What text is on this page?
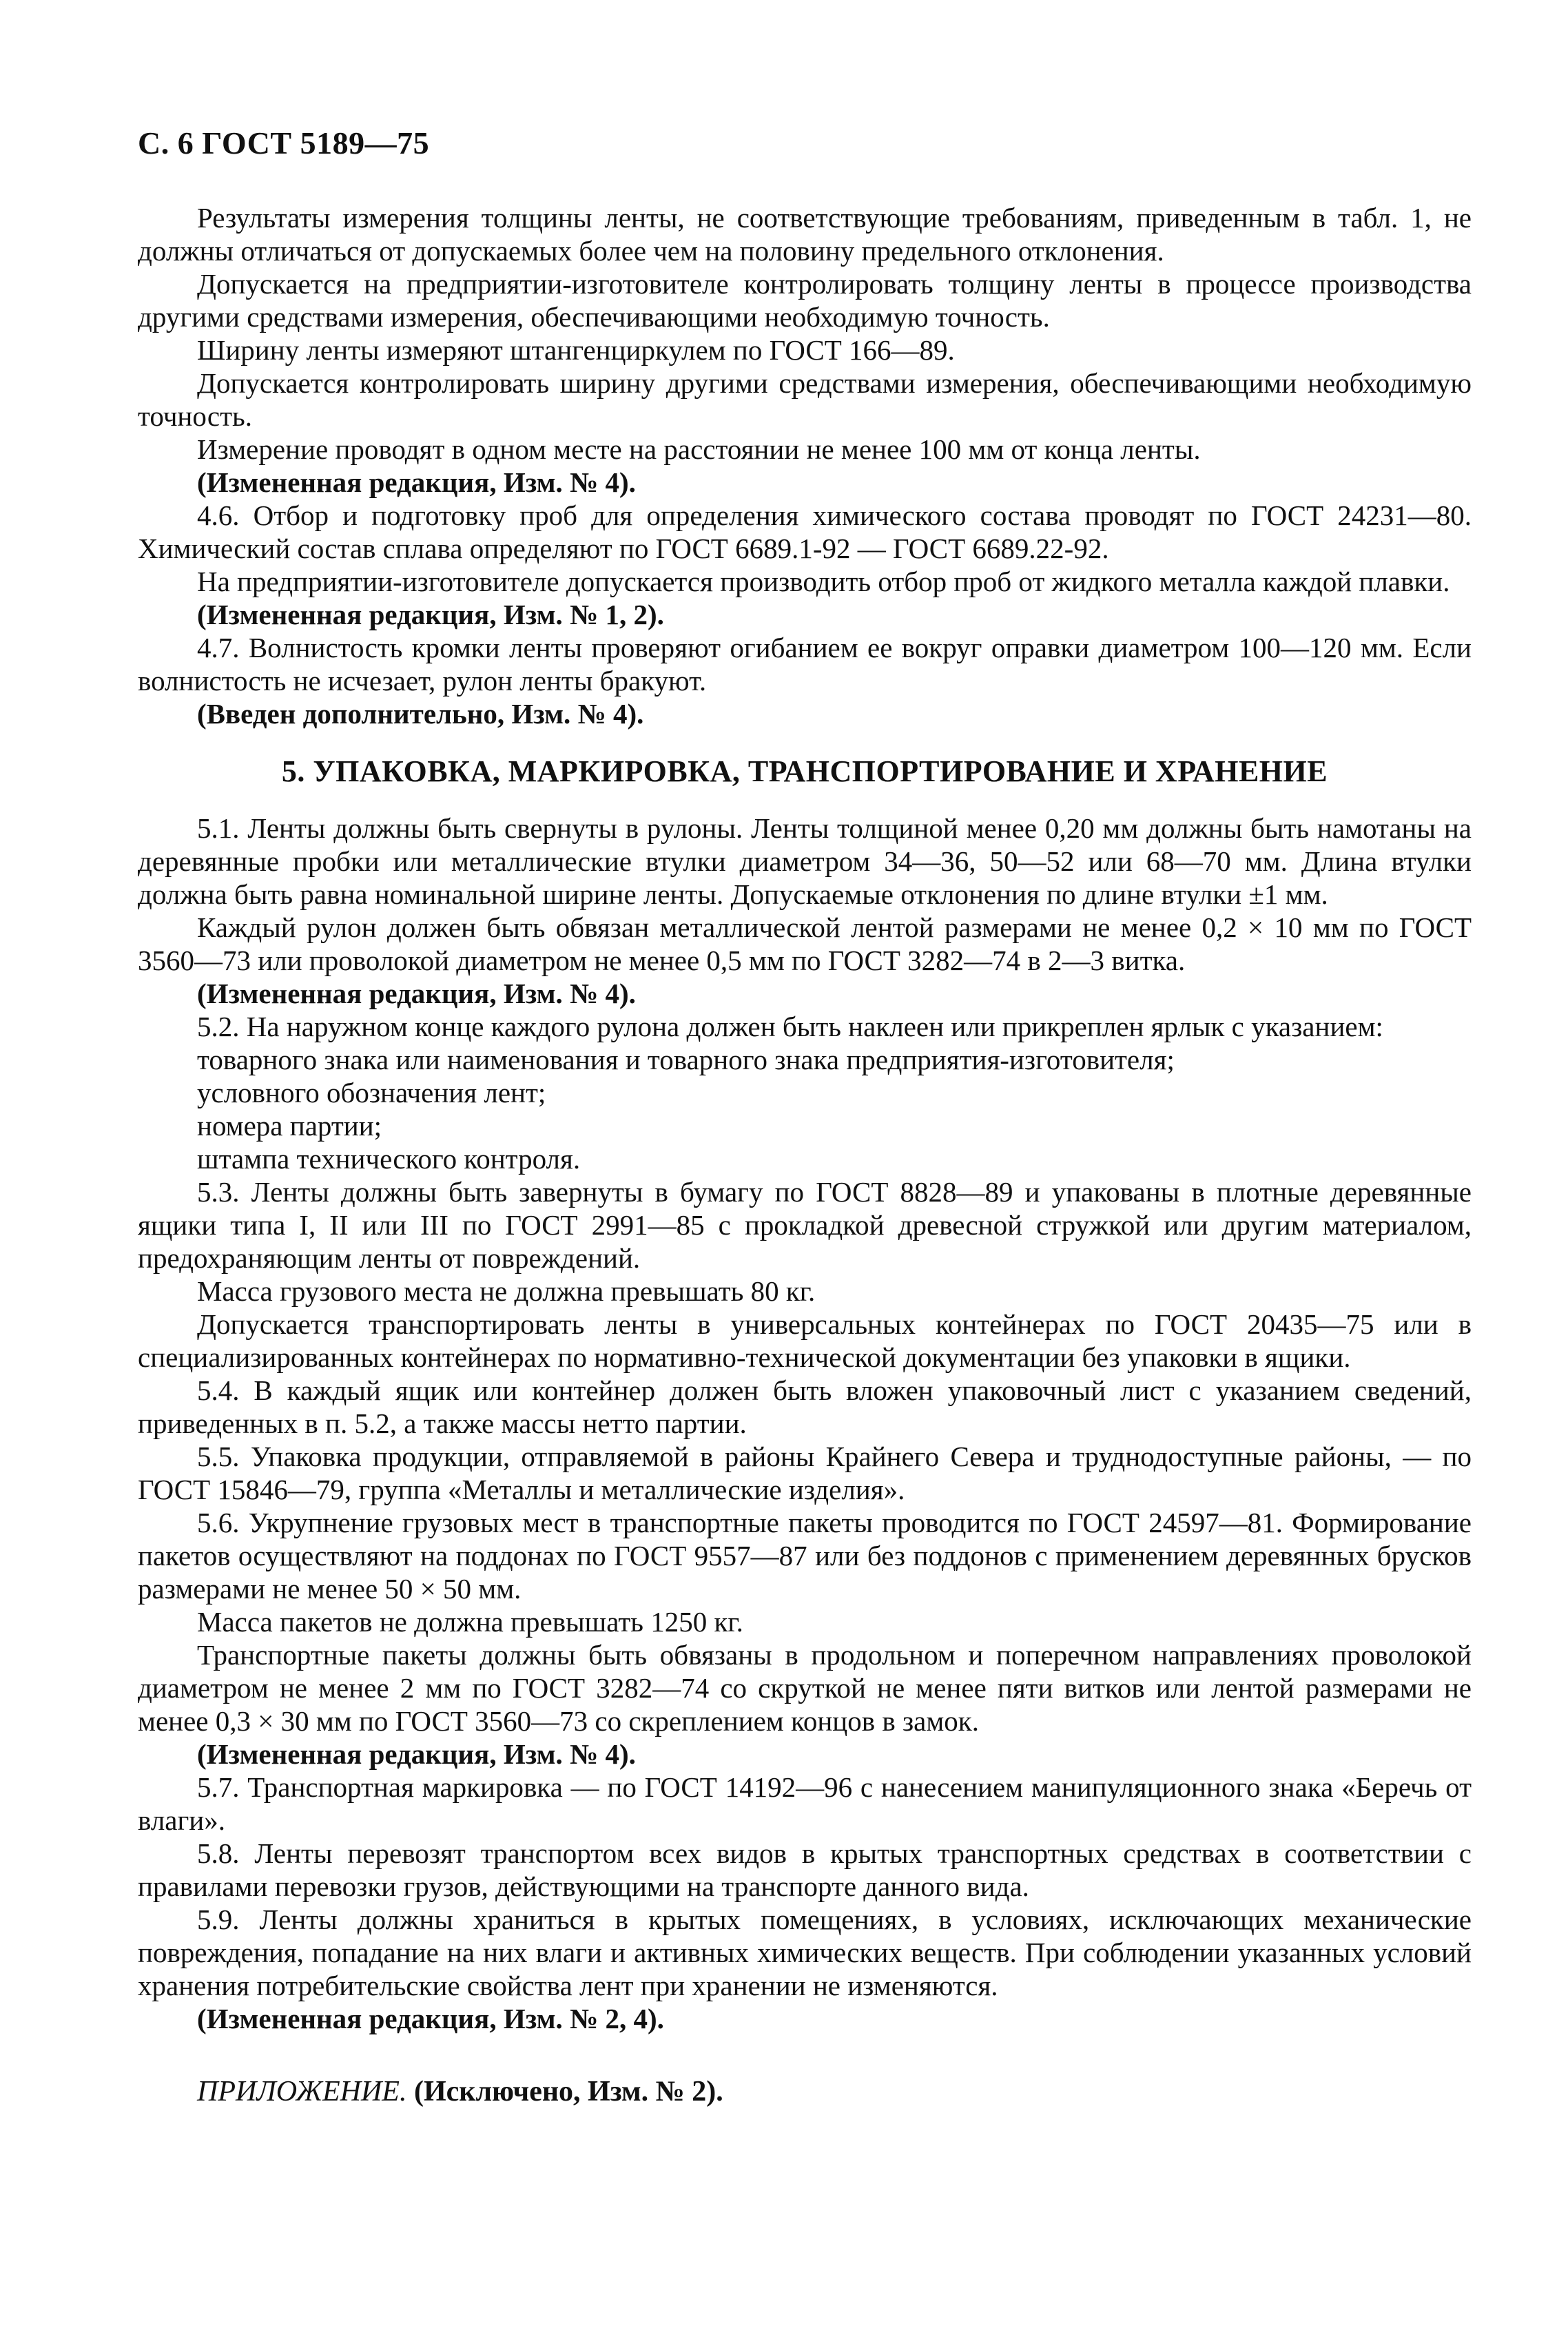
С. 6 ГОСТ 5189—75

Результаты измерения толщины ленты, не соответствующие требованиям, приведенным в табл. 1, не должны отличаться от допускаемых более чем на половину предельного отклонения.

Допускается на предприятии-изготовителе контролировать толщину ленты в процессе производства другими средствами измерения, обеспечивающими необходимую точность.

Ширину ленты измеряют штангенциркулем по ГОСТ 166—89.

Допускается контролировать ширину другими средствами измерения, обеспечивающими необходимую точность.

Измерение проводят в одном месте на расстоянии не менее 100 мм от конца ленты.

(Измененная редакция, Изм. № 4).

4.6. Отбор и подготовку проб для определения химического состава проводят по ГОСТ 24231—80. Химический состав сплава определяют по ГОСТ 6689.1-92 — ГОСТ 6689.22-92.

На предприятии-изготовителе допускается производить отбор проб от жидкого металла каждой плавки.

(Измененная редакция, Изм. № 1, 2).

4.7. Волнистость кромки ленты проверяют огибанием ее вокруг оправки диаметром 100—120 мм. Если волнистость не исчезает, рулон ленты бракуют.

(Введен дополнительно, Изм. № 4).

5. УПАКОВКА, МАРКИРОВКА, ТРАНСПОРТИРОВАНИЕ И ХРАНЕНИЕ

5.1. Ленты должны быть свернуты в рулоны. Ленты толщиной менее 0,20 мм должны быть намотаны на деревянные пробки или металлические втулки диаметром 34—36, 50—52 или 68—70 мм. Длина втулки должна быть равна номинальной ширине ленты. Допускаемые отклонения по длине втулки ±1 мм.

Каждый рулон должен быть обвязан металлической лентой размерами не менее 0,2 × 10 мм по ГОСТ 3560—73 или проволокой диаметром не менее 0,5 мм по ГОСТ 3282—74 в 2—3 витка.

(Измененная редакция, Изм. № 4).

5.2. На наружном конце каждого рулона должен быть наклеен или прикреплен ярлык с указанием:

товарного знака или наименования и товарного знака предприятия-изготовителя;

условного обозначения лент;

номера партии;

штампа технического контроля.

5.3. Ленты должны быть завернуты в бумагу по ГОСТ 8828—89 и упакованы в плотные деревянные ящики типа I, II или III по ГОСТ 2991—85 с прокладкой древесной стружкой или другим материалом, предохраняющим ленты от повреждений.

Масса грузового места не должна превышать 80 кг.

Допускается транспортировать ленты в универсальных контейнерах по ГОСТ 20435—75 или в специализированных контейнерах по нормативно-технической документации без упаковки в ящики.

5.4. В каждый ящик или контейнер должен быть вложен упаковочный лист с указанием сведений, приведенных в п. 5.2, а также массы нетто партии.

5.5. Упаковка продукции, отправляемой в районы Крайнего Севера и труднодоступные районы, — по ГОСТ 15846—79, группа «Металлы и металлические изделия».

5.6. Укрупнение грузовых мест в транспортные пакеты проводится по ГОСТ 24597—81. Формирование пакетов осуществляют на поддонах по ГОСТ 9557—87 или без поддонов с применением деревянных брусков размерами не менее 50 × 50 мм.

Масса пакетов не должна превышать 1250 кг.

Транспортные пакеты должны быть обвязаны в продольном и поперечном направлениях проволокой диаметром не менее 2 мм по ГОСТ 3282—74 со скруткой не менее пяти витков или лентой размерами не менее 0,3 × 30 мм по ГОСТ 3560—73 со скреплением концов в замок.

(Измененная редакция, Изм. № 4).

5.7. Транспортная маркировка — по ГОСТ 14192—96 с нанесением манипуляционного знака «Беречь от влаги».

5.8. Ленты перевозят транспортом всех видов в крытых транспортных средствах в соответствии с правилами перевозки грузов, действующими на транспорте данного вида.

5.9. Ленты должны храниться в крытых помещениях, в условиях, исключающих механические повреждения, попадание на них влаги и активных химических веществ. При соблюдении указанных условий хранения потребительские свойства лент при хранении не изменяются.

(Измененная редакция, Изм. № 2, 4).

ПРИЛОЖЕНИЕ. (Исключено, Изм. № 2).
